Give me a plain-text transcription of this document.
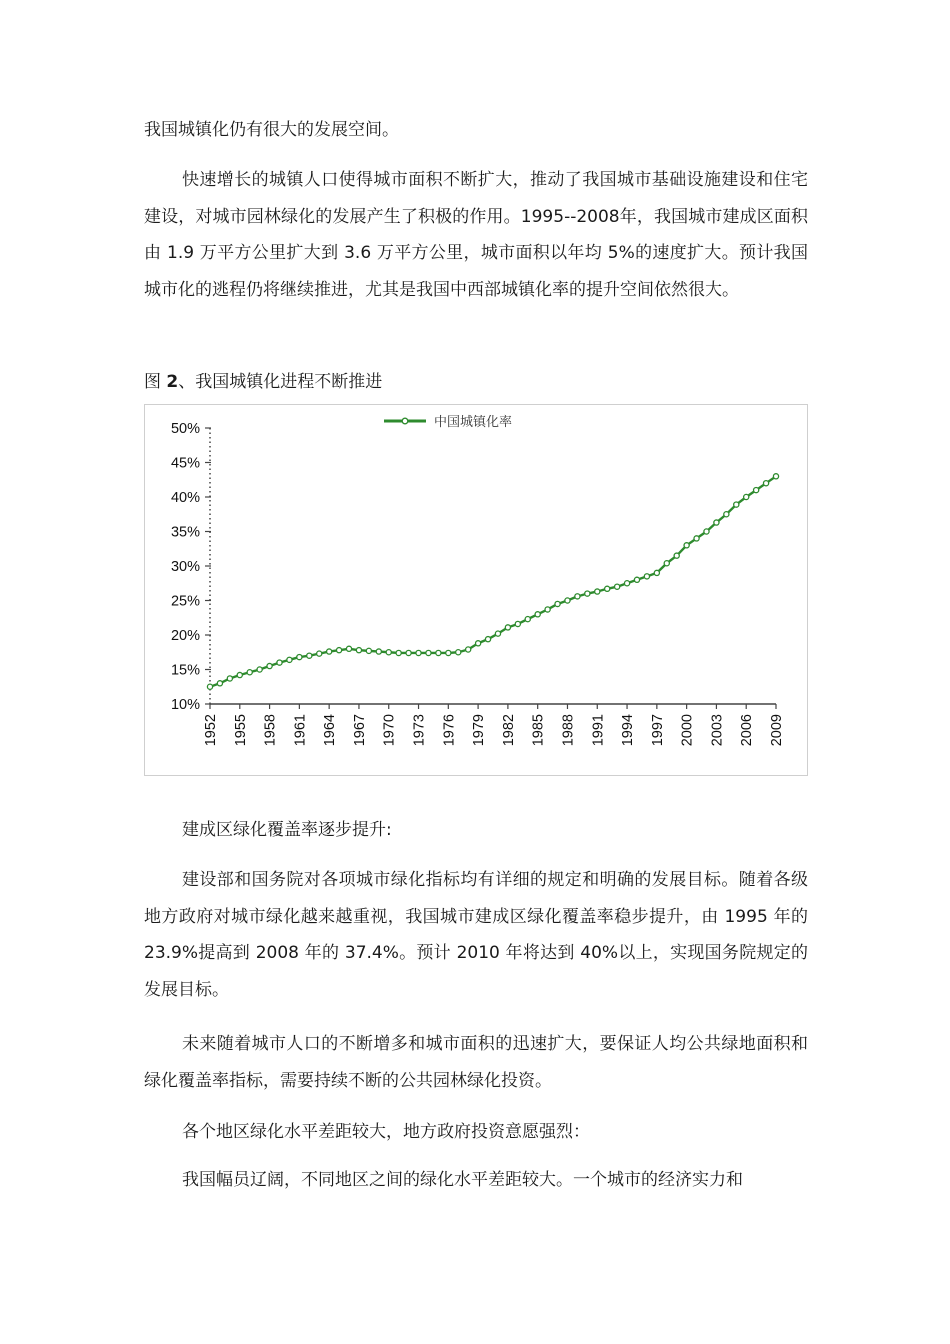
我国城镇化仍有很大的发展空间。

快速增长的城镇人口使得城市面积不断扩大，推动了我国城市基础设施建设和住宅建设，对城市园林绿化的发展产生了积极的作用。1995--2008年，我国城市建成区面积由 1.9 万平方公里扩大到 3.6 万平方公里，城市面积以年均 5%的速度扩大。预计我国城市化的逃程仍将继续推进，尤其是我国中西部城镇化率的提升空间依然很大。

图 2、我国城镇化进程不断推进
10%
15%
20%
25%
30%
35%
40%
45%
50%
1952 1955 1958 1961 1964 1967 1970 1973 1976 1979 1982 1985 1988 1991 1994 1997 2000 2003 2006 2009
中国城镇化率

建成区绿化覆盖率逐步提升:

建设部和国务院对各项城市绿化指标均有详细的规定和明确的发展目标。随着各级地方政府对城市绿化越来越重视，我国城市建成区绿化覆盖率稳步提升，由 1995 年的 23.9%提高到 2008 年的 37.4%。预计 2010 年将达到 40%以上，实现国务院规定的发展目标。

未来随着城市人口的不断增多和城市面积的迅速扩大，要保证人均公共绿地面积和绿化覆盖率指标，需要持续不断的公共园林绿化投资。

各个地区绿化水平差距较大，地方政府投资意愿强烈：

我国幅员辽阔，不同地区之间的绿化水平差距较大。一个城市的经济实力和
